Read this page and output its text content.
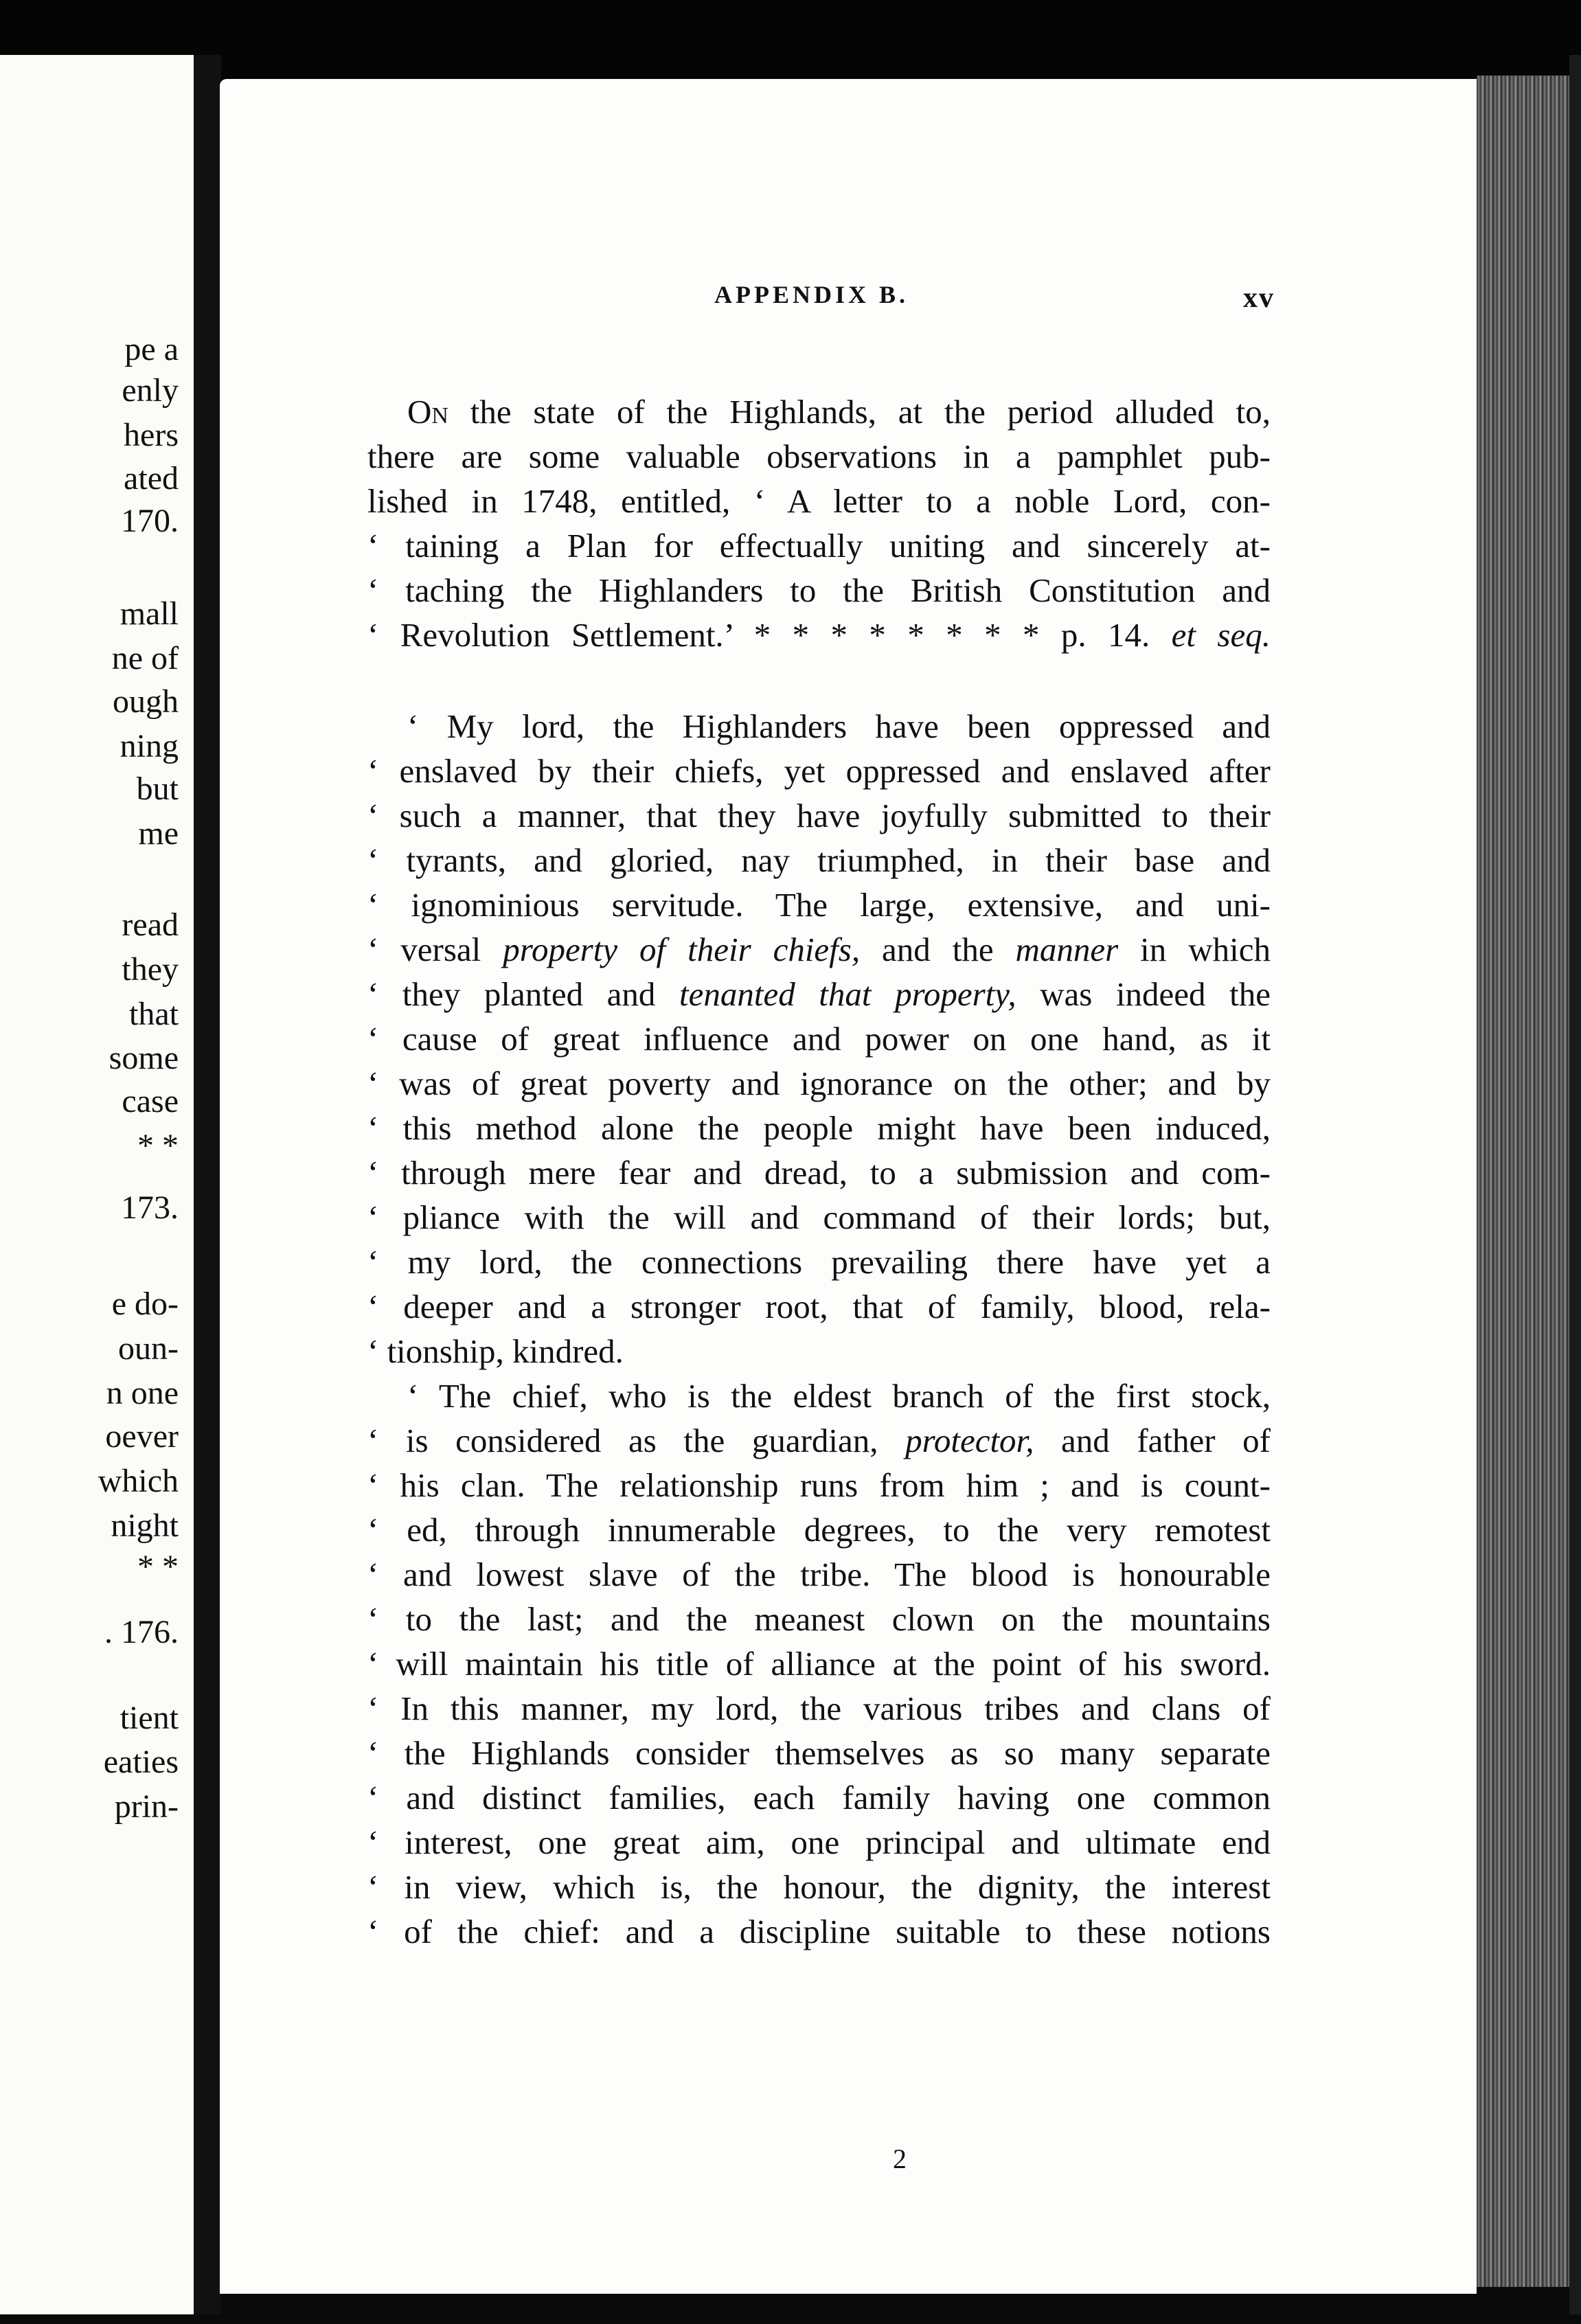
pe a
enly
hers
ated
170.
mall
ne of
ough
ning
but
me
read
they
that
some
case
* *
173.
e do-
oun-
n one
oever
which
night
* *
. 176.
tient
eaties
prin-
APPENDIX B.	xv
On the state of the Highlands, at the period alluded to,
there are some valuable observations in a pamphlet pub-
lished in 1748, entitled, ‘ A letter to a noble Lord, con-
‘ taining a Plan for effectually uniting and sincerely at-
‘ taching the Highlanders to the British Constitution and
‘ Revolution Settlement.’ * * * * * * * * p. 14. et seq.
‘ My lord, the Highlanders have been oppressed and
‘ enslaved by their chiefs, yet oppressed and enslaved after
‘ such a manner, that they have joyfully submitted to their
‘ tyrants, and gloried, nay triumphed, in their base and
‘ ignominious servitude. The large, extensive, and uni-
‘ versal property of their chiefs, and the manner in which
‘ they planted and tenanted that property, was indeed the
‘ cause of great influence and power on one hand, as it
‘ was of great poverty and ignorance on the other; and by
‘ this method alone the people might have been induced,
‘ through mere fear and dread, to a submission and com-
‘ pliance with the will and command of their lords; but,
‘ my lord, the connections prevailing there have yet a
‘ deeper and a stronger root, that of family, blood, rela-
‘ tionship, kindred.
‘ The chief, who is the eldest branch of the first stock,
‘ is considered as the guardian, protector, and father of
‘ his clan. The relationship runs from him ; and is count-
‘ ed, through innumerable degrees, to the very remotest
‘ and lowest slave of the tribe. The blood is honourable
‘ to the last; and the meanest clown on the mountains
‘ will maintain his title of alliance at the point of his sword.
‘ In this manner, my lord, the various tribes and clans of
‘ the Highlands consider themselves as so many separate
‘ and distinct families, each family having one common
‘ interest, one great aim, one principal and ultimate end
‘ in view, which is, the honour, the dignity, the interest
‘ of the chief: and a discipline suitable to these notions
2
